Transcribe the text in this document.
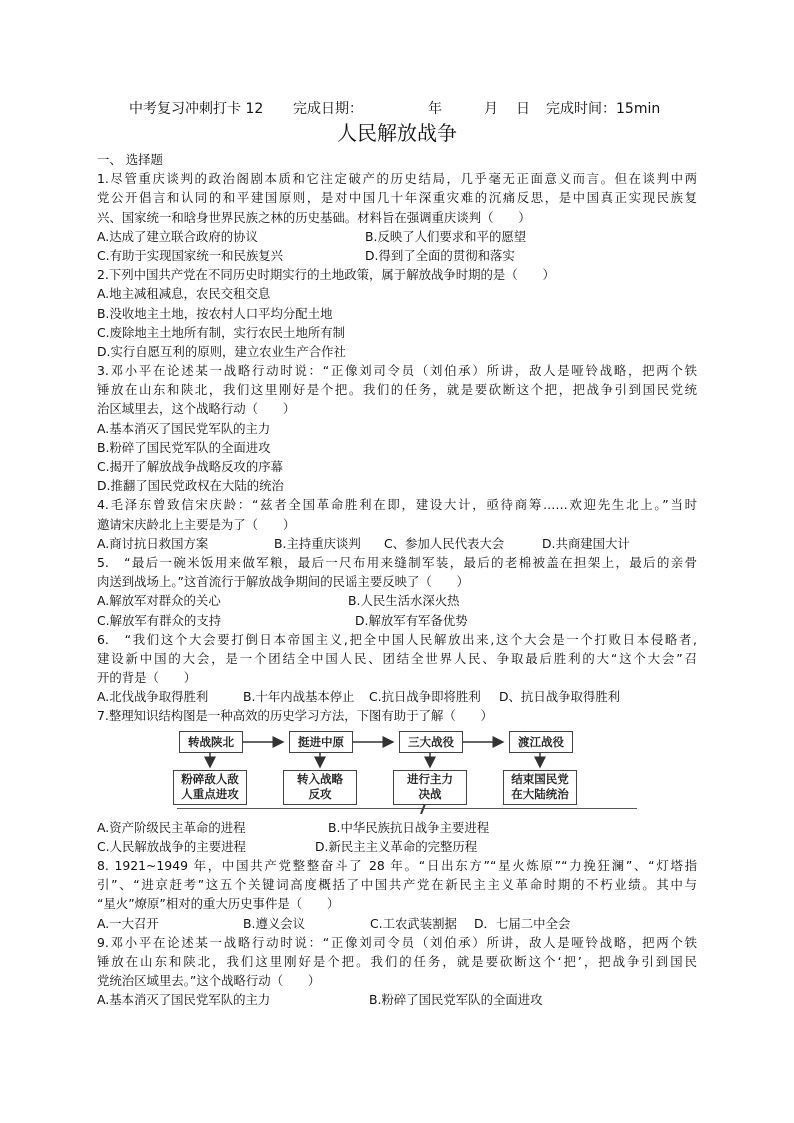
中考复习冲刺打卡 12

完成日期：

	年

	月

日

完成时间：15min

人民解放战争
一、 选择题
1.尽管重庆谈判的政治阁剧本质和它注定破产的历史结局，几乎毫无正面意义而言。但在谈判中两
党公开倡言和认同的和平建国原则，是对中国几十年深重灾难的沉痛反思，是中国真正实现民族复
兴、国家统一和晗身世界民族之林的历史基础。材料旨在强调重庆谈判（　　）
A.达成了建立联合政府的协议	B.反映了人们要求和平的愿望
C.有助于实现国家统一和民族复兴	D.得到了全面的贯彻和落实
2.下列中国共产党在不同历史时期实行的土地政策，属于解放战争时期的是（　　）
A.地主减租减息，农民交租交息
B.没收地主土地，按农村人口平均分配土地
C.废除地主土地所有制，实行农民土地所有制
D.实行自愿互利的原则，建立农业生产合作社
3.邓小平在论述某一战略行动时说：“正像刘司令员（刘伯承）所讲，敌人是哑铃战略，把两个铁
锤放在山东和陕北，我们这里刚好是个把。我们的任务，就是要砍断这个把，把战争引到国民党统
治区域里去，这个战略行动（　　）
A.基本消灭了国民党军队的主力
B.粉碎了国民党军队的全面进攻
C.揭开了解放战争战略反攻的序幕
D.推翻了国民党政权在大陆的统治
4.毛泽东曾致信宋庆龄：“兹者全国革命胜利在即，建设大计，亟待商筹……欢迎先生北上。”当时
邀请宋庆龄北上主要是为了（　　）
A.商讨抗日救国方案	B.主持重庆谈判	C、参加人民代表大会	D.共商建国大计
5.　“最后一碗米饭用来做军粮，最后一尺布用来缝制军装，最后的老棉被盖在担架上，最后的亲骨
肉送到战场上。”这首流行于解放战争期间的民谣主要反映了（　　）
A.解放军对群众的关心	B.人民生活水深火热
C.解放军有群众的支持	D.解放军有军备优势
6.　“我们这个大会要打倒日本帝国主义,把全中国人民解放出来,这个大会是一个打败日本侵略者,
建设新中国的大会，是一个团结全中国人民、团结全世界人民、争取最后胜利的大“这个大会”召
开的背是（　　）
A.北伐战争取得胜利	B.十年内战基本停止	C.抗日战争即将胜利	D、抗日战争取得胜利
7.整理知识结构图是一种高效的历史学习方法，下图有助于了解（　　）
转战陕北	挺进中原	三大战役	渡江战役
粉碎敌人敌
人重点进攻
转入战略
反攻
进行主力
决战
结束国民党
在大陆统治
A.资产阶级民主革命的进程	B.中华民族抗日战争主要进程
C.人民解放战争的主要进程	D.新民主主义革命的完整历程
8. 1921~1949 年，中国共产党整整奋斗了 28 年。“日出东方”“星火炼原”“力挽狂澜”、“灯塔指
引”、“进京赶考”这五个关键词高度概括了中国共产党在新民主主义革命时期的不朽业绩。其中与
“星火”燎原”相对的重大历史事件是（　　）
A.一大召开	B.遵义会议	C.工农武装割据	D．七届二中全会
9.邓小平在论述某一战略行动时说：“正像刘司令员（刘伯承）所讲，敌人是哑铃战略，把两个铁
锤放在山东和陕北，我们这里刚好是个把。我们的任务，就是要砍断这个‘把’，把战争引到国民
党统治区域里去。”这个战略行动（　　）
A.基本消灭了国民党军队的主力	B.粉碎了国民党军队的全面进攻
